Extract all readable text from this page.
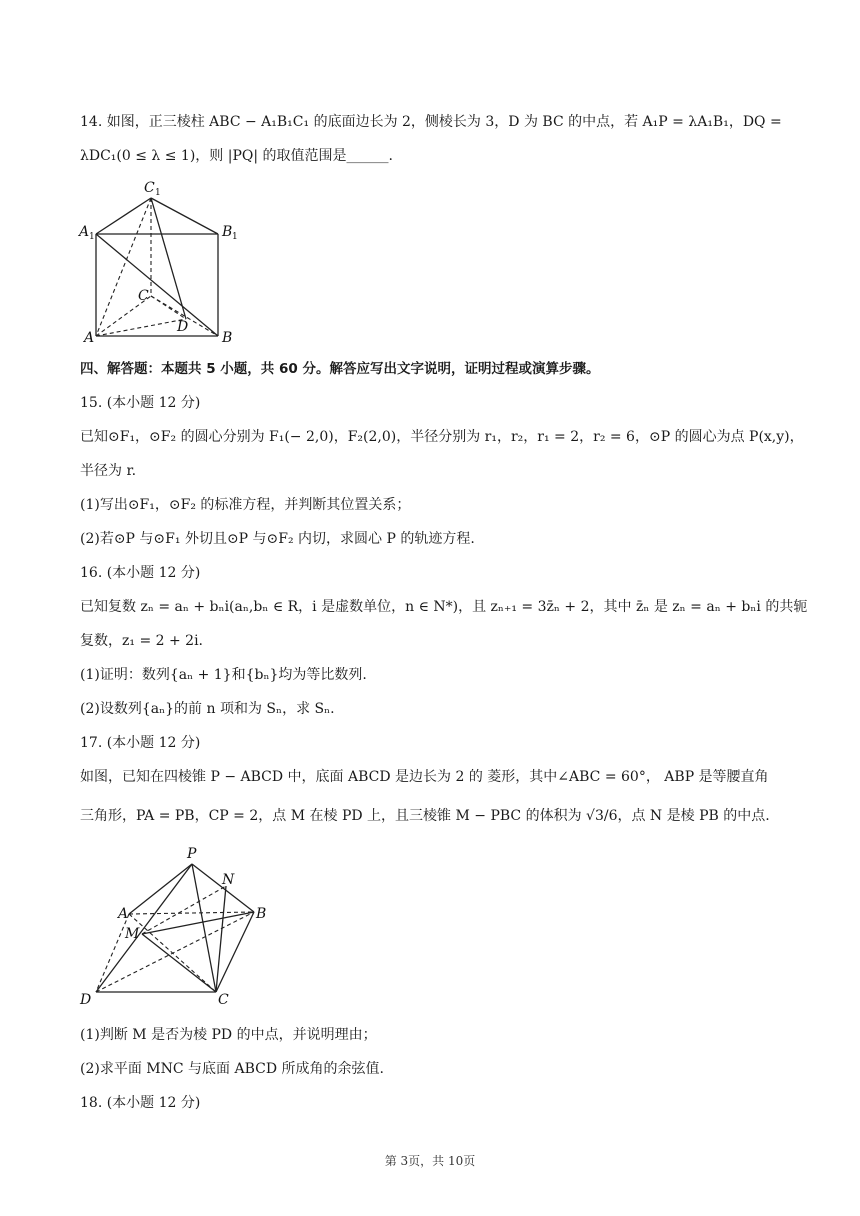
14. 如图，正三棱柱 ABC − A₁B₁C₁ 的底面边长为 2，侧棱长为 3，D 为 BC 的中点，若 A₁P = λA₁B₁，DQ =
λDC₁(0 ≤ λ ≤ 1)，则 |PQ| 的取值范围是______.
C 1
A 1	B 1
C
D
A	B
四、解答题：本题共 5 小题，共 60 分。解答应写出文字说明，证明过程或演算步骤。
15. (本小题 12 分)
已知⊙F₁，⊙F₂ 的圆心分别为 F₁(− 2,0)，F₂(2,0)，半径分别为 r₁，r₂，r₁ = 2，r₂ = 6，⊙P 的圆心为点 P(x,y)，
半径为 r.
(1)写出⊙F₁，⊙F₂ 的标准方程，并判断其位置关系；
(2)若⊙P 与⊙F₁ 外切且⊙P 与⊙F₂ 内切，求圆心 P 的轨迹方程.
16. (本小题 12 分)
已知复数 zₙ = aₙ + bₙi(aₙ,bₙ ∈ R，i 是虚数单位，n ∈ N*)，且 zₙ₊₁ = 3z̄ₙ + 2，其中 z̄ₙ 是 zₙ = aₙ + bₙi 的共轭
复数，z₁ = 2 + 2i.
(1)证明：数列{aₙ + 1}和{bₙ}均为等比数列.
(2)设数列{aₙ}的前 n 项和为 Sₙ，求 Sₙ.
17. (本小题 12 分)
如图，已知在四棱锥 P − ABCD 中，底面 ABCD 是边长为 2 的 菱形，其中∠ABC = 60°， ABP 是等腰直角
三角形，PA = PB，CP = 2，点 M 在棱 PD 上，且三棱锥 M − PBC 的体积为 √3/6，点 N 是棱 PB 的中点.
P
N
A	B
M
D	C
(1)判断 M 是否为棱 PD 的中点，并说明理由；
(2)求平面 MNC 与底面 ABCD 所成角的余弦值.
18. (本小题 12 分)
第 3页，共 10页
